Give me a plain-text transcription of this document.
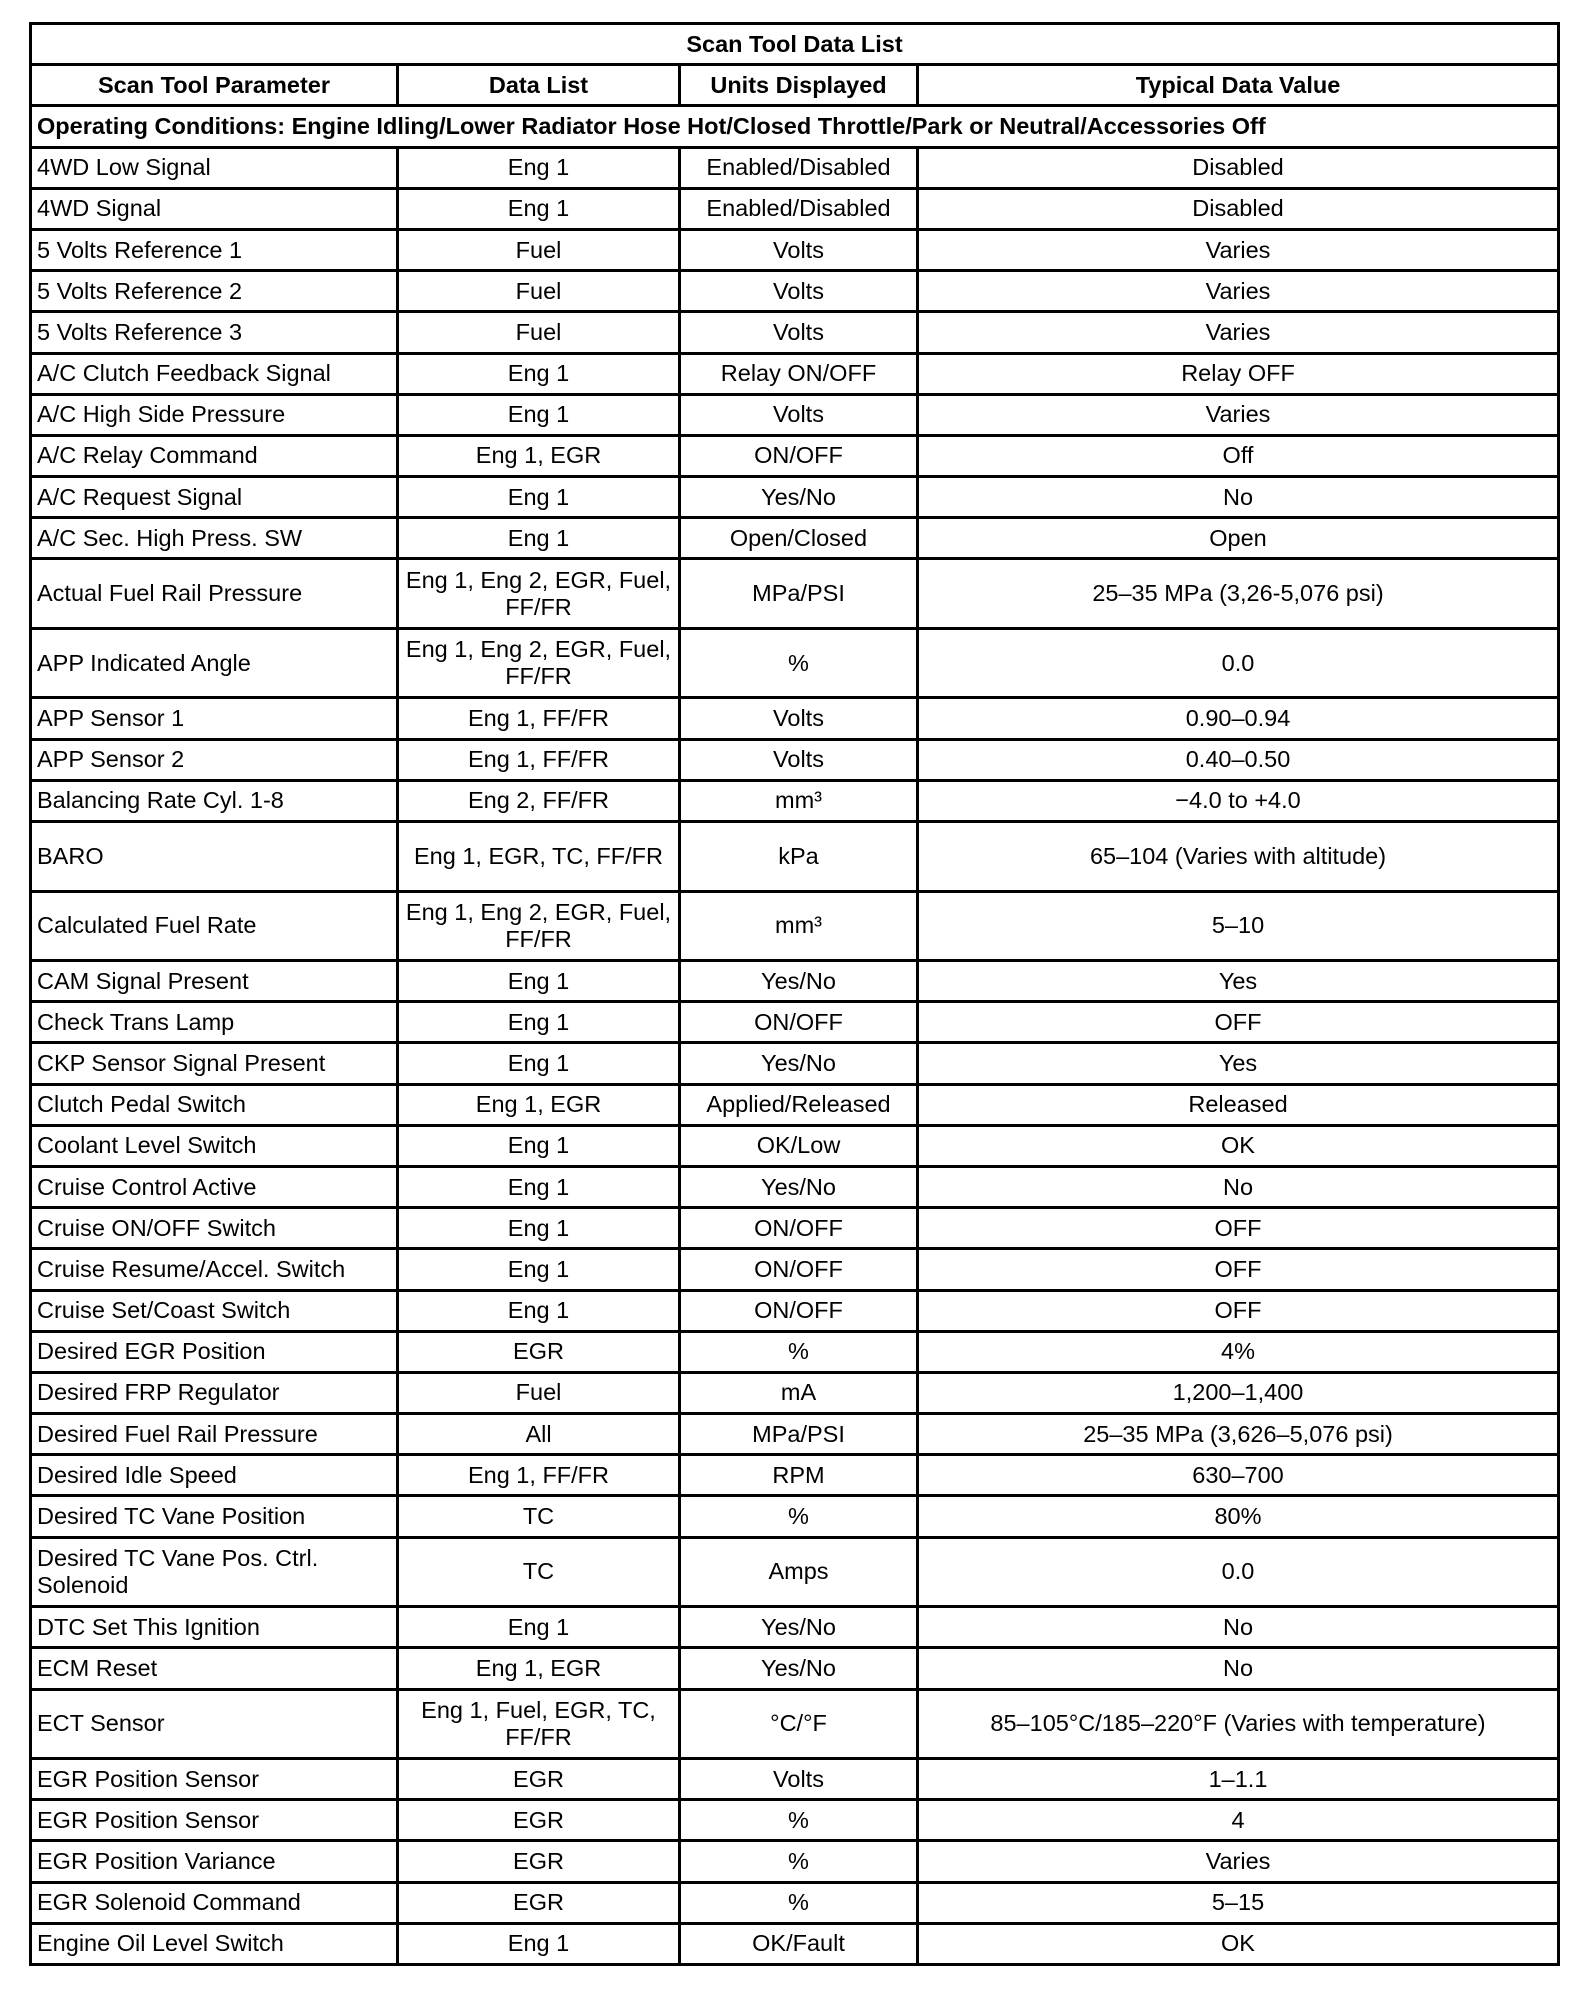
Scan Tool Data List			
Scan Tool Parameter	Data List	Units Displayed	Typical Data Value
Operating Conditions: Engine Idling/Lower Radiator Hose Hot/Closed Throttle/Park or Neutral/Accessories Off			
4WD Low Signal	Eng 1	Enabled/Disabled	Disabled
4WD Signal	Eng 1	Enabled/Disabled	Disabled
5 Volts Reference 1	Fuel	Volts	Varies
5 Volts Reference 2	Fuel	Volts	Varies
5 Volts Reference 3	Fuel	Volts	Varies
A/C Clutch Feedback Signal	Eng 1	Relay ON/OFF	Relay OFF
A/C High Side Pressure	Eng 1	Volts	Varies
A/C Relay Command	Eng 1, EGR	ON/OFF	Off
A/C Request Signal	Eng 1	Yes/No	No
A/C Sec. High Press. SW	Eng 1	Open/Closed	Open
Actual Fuel Rail Pressure	Eng 1, Eng 2, EGR, Fuel, FF/FR	MPa/PSI	25–35 MPa (3,26-5,076 psi)
APP Indicated Angle	Eng 1, Eng 2, EGR, Fuel, FF/FR	%	0.0
APP Sensor 1	Eng 1, FF/FR	Volts	0.90–0.94
APP Sensor 2	Eng 1, FF/FR	Volts	0.40–0.50
Balancing Rate Cyl. 1-8	Eng 2, FF/FR	mm³	−4.0 to +4.0
BARO	Eng 1, EGR, TC, FF/FR	kPa	65–104 (Varies with altitude)
Calculated Fuel Rate	Eng 1, Eng 2, EGR, Fuel, FF/FR	mm³	5–10
CAM Signal Present	Eng 1	Yes/No	Yes
Check Trans Lamp	Eng 1	ON/OFF	OFF
CKP Sensor Signal Present	Eng 1	Yes/No	Yes
Clutch Pedal Switch	Eng 1, EGR	Applied/Released	Released
Coolant Level Switch	Eng 1	OK/Low	OK
Cruise Control Active	Eng 1	Yes/No	No
Cruise ON/OFF Switch	Eng 1	ON/OFF	OFF
Cruise Resume/Accel. Switch	Eng 1	ON/OFF	OFF
Cruise Set/Coast Switch	Eng 1	ON/OFF	OFF
Desired EGR Position	EGR	%	4%
Desired FRP Regulator	Fuel	mA	1,200–1,400
Desired Fuel Rail Pressure	All	MPa/PSI	25–35 MPa (3,626–5,076 psi)
Desired Idle Speed	Eng 1, FF/FR	RPM	630–700
Desired TC Vane Position	TC	%	80%
Desired TC Vane Pos. Ctrl. Solenoid	TC	Amps	0.0
DTC Set This Ignition	Eng 1	Yes/No	No
ECM Reset	Eng 1, EGR	Yes/No	No
ECT Sensor	Eng 1, Fuel, EGR, TC, FF/FR	°C/°F	85–105°C/185–220°F (Varies with temperature)
EGR Position Sensor	EGR	Volts	1–1.1
EGR Position Sensor	EGR	%	4
EGR Position Variance	EGR	%	Varies
EGR Solenoid Command	EGR	%	5–15
Engine Oil Level Switch	Eng 1	OK/Fault	OK
